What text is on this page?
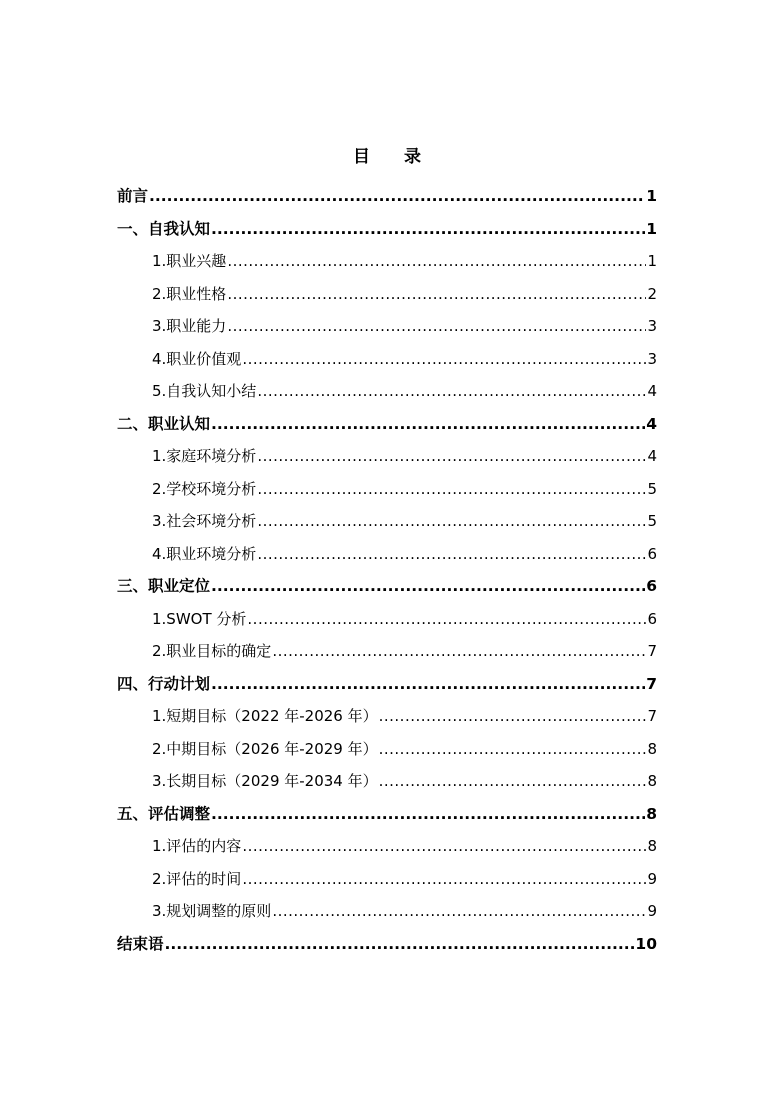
目 录
前言 .....	1
一、自我认知 .....	1
1.职业兴趣 .....	1
2.职业性格 .....	2
3.职业能力 .....	3
4.职业价值观 .....	3
5.自我认知小结 .....	4
二、职业认知 .....	4
1.家庭环境分析 .....	4
2.学校环境分析 .....	5
3.社会环境分析 .....	5
4.职业环境分析 .....	6
三、职业定位 .....	6
1.SWOT 分析 .....	6
2.职业目标的确定 .....	7
四、行动计划 .....	7
1.短期目标（2022 年-2026 年） .....	7
2.中期目标（2026 年-2029 年） .....	8
3.长期目标（2029 年-2034 年） .....	8
五、评估调整 .....	8
1.评估的内容 .....	8
2.评估的时间 .....	9
3.规划调整的原则 .....	9
结束语 .....	10
